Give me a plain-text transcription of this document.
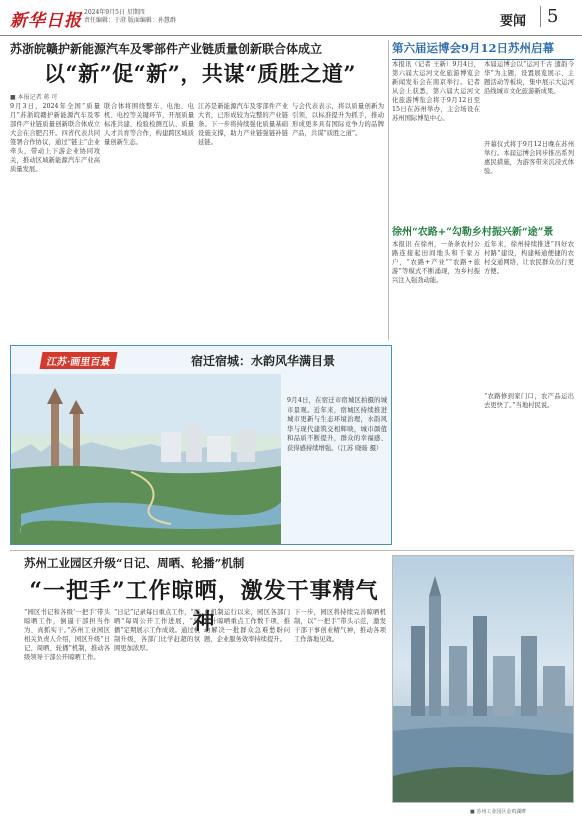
新华日报 2024年9月5日 星期四
责任编辑：于澄 版面编辑：孙慧群	要闻	5
苏浙皖赣护新能源汽车及零部件产业链质量创新联合体成立
以“新”促“新”，共谋“质胜之道”
■ 本报记者 蒋 可
9月3日，2024年全国“质量月”苏浙皖赣护新能源汽车及零部件产业链质量创新联合体成立大会在合肥召开。四省代表共同签署合作协议，通过“链主”企业牵头，带动上下游企业协同攻关，推动区域新能源汽车产业高质量发展。
联合体将围绕整车、电池、电机、电控等关键环节，开展质量标准共建、检验检测互认、质量人才共育等合作，构建跨区域质量创新生态。
江苏是新能源汽车及零部件产业大省，已形成较为完整的产业链条。下一步将持续强化质量基础设施支撑，助力产业链强链补链延链。
与会代表表示，将以质量创新为引领，以标准提升为抓手，推动形成更多具有国际竞争力的品牌产品，共谋“质胜之道”。
第六届运博会9月12日苏州启幕
本报讯（记者 王新）9月4日，第六届大运河文化旅游博览会新闻发布会在南京举行。记者从会上获悉，第六届大运河文化旅游博览会将于9月12日至15日在苏州举办，主会场设在苏州国际博览中心。
本届运博会以“运河千古 遗韵今华”为主题，设置展览展示、主题活动等板块，集中展示大运河沿线城市文化旅游新成果。
开幕仪式将于9月12日晚在苏州举行。本届运博会同步推出系列惠民措施，为游客带来沉浸式体验。
徐州“农路+”勾勒乡村振兴新“途”景
本报讯 在徐州，一条条农村公路连接起田间地头和千家万户，“农路+产业”“农路+旅游”等模式不断涌现，为乡村振兴注入强劲动能。
近年来，徐州持续推进“四好农村路”建设，构建畅通便捷的农村交通网络，让农民群众出行更方便。
“农路修到家门口，农产品运出去更快了。”当地村民说。
江苏·画里百景	宿迁宿城：水韵风华满目景
9月4日，在宿迁市宿城区拍摄的城市景观。近年来，宿城区持续推进城市更新与生态环境治理，水韵风华与现代建筑交相辉映，城市颜值和品质不断提升，群众的幸福感、获得感持续增强。（江苏 晓旸 摄）
苏州工业园区升级“日记、周晒、轮播”机制
“一把手”工作晾晒，激发干事精气神
“园区书记和各级‘一把手’带头晾晒工作，倒逼干部担当作为、真抓实干。”苏州工业园区相关负责人介绍，园区升级“日记、周晒、轮播”机制，推动各级领导干部公开晾晒工作。
“日记”记录每日重点工作，“周晒”每周公开工作进展，“轮播”定期展示工作成效。通过机制升级，各部门比学赶超的氛围更加浓厚。
自机制运行以来，园区各部门累计晾晒重点工作数千项，推动解决一批群众急难愁盼问题，企业服务效率持续提升。
下一步，园区将持续完善晾晒机制，以“一把手”带头示范，激发干部干事创业精气神，推动各项工作落地见效。
■ 苏州工业园区金鸡湖畔
